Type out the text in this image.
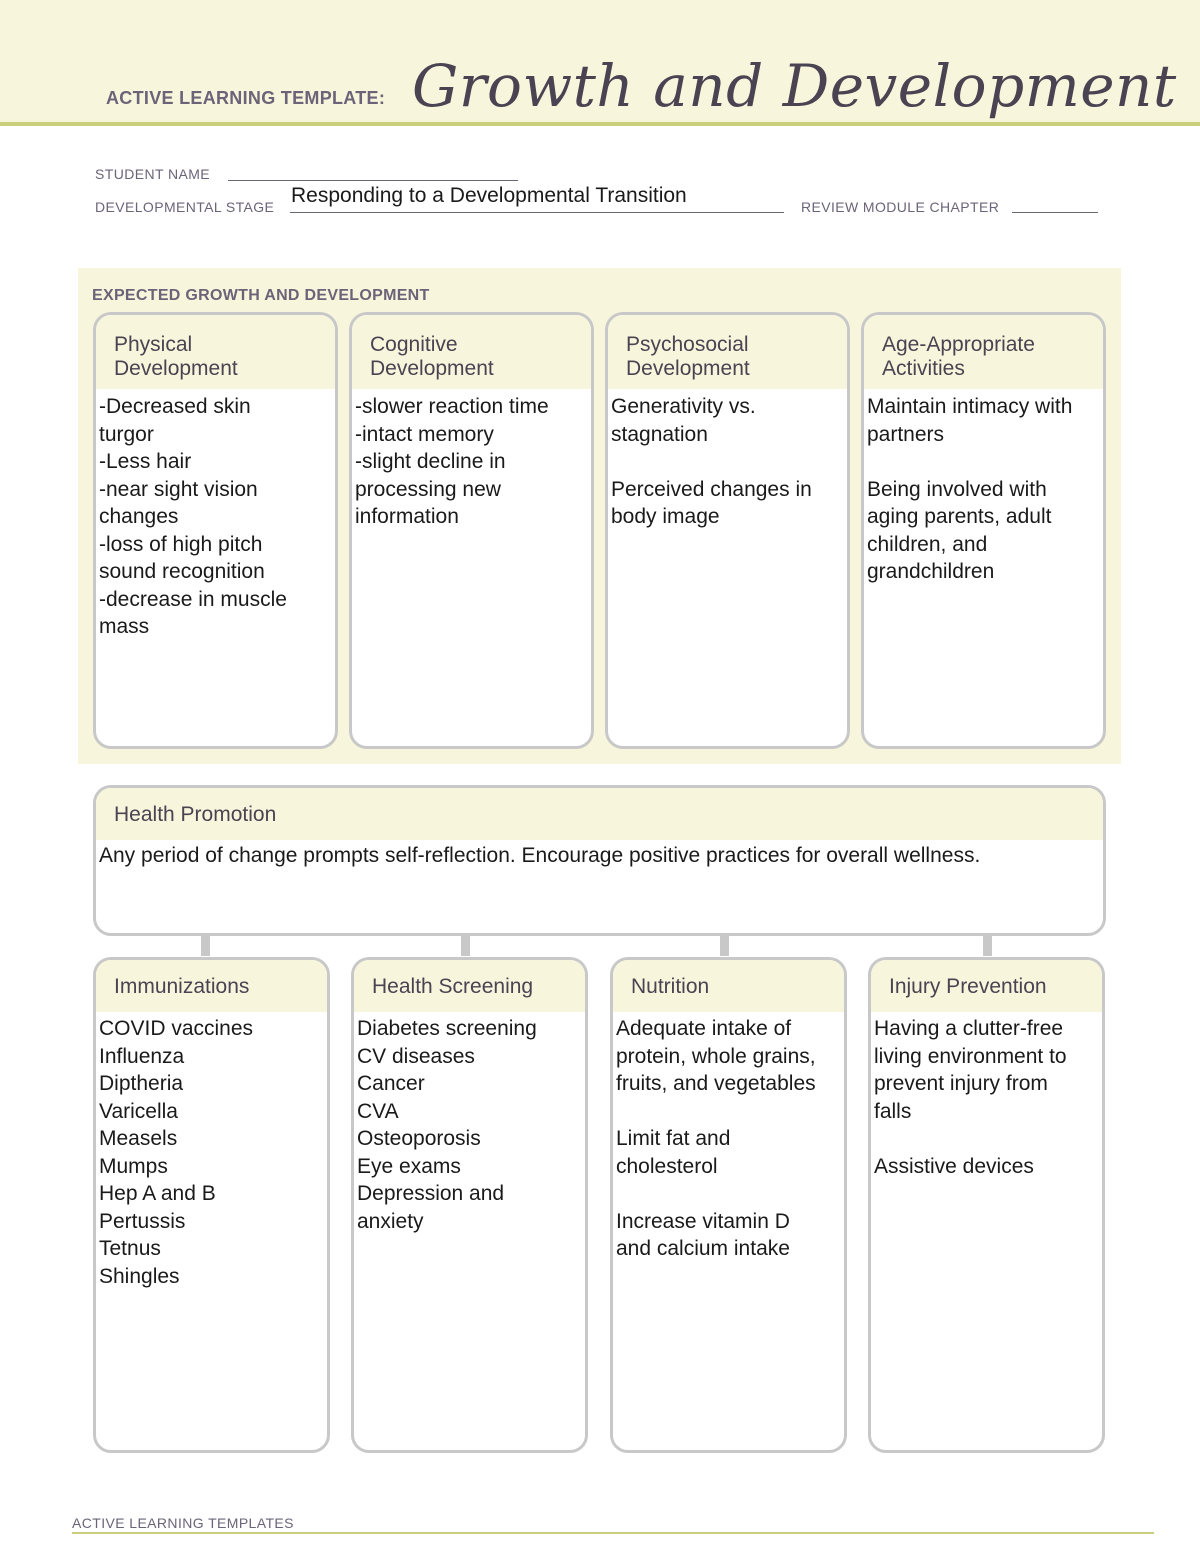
ACTIVE LEARNING TEMPLATE: Growth and Development
STUDENT NAME
DEVELOPMENTAL STAGE Responding to a Developmental Transition	REVIEW MODULE CHAPTER
EXPECTED GROWTH AND DEVELOPMENT
Physical
Development
-Decreased skin
turgor
-Less hair
-near sight vision
changes
-loss of high pitch
sound recognition
-decrease in muscle
mass
Cognitive
Development
-slower reaction time
-intact memory
-slight decline in
processing new
information
Psychosocial
Development
Generativity vs.
stagnation
Perceived changes in
body image
Age-Appropriate
Activities
Maintain intimacy with
partners
Being involved with
aging parents, adult
children, and
grandchildren
Health Promotion
Any period of change prompts self-reflection. Encourage positive practices for overall wellness.
Immunizations
COVID vaccines
Influenza
Diptheria
Varicella
Measels
Mumps
Hep A and B
Pertussis
Tetnus
Shingles
Health Screening
Diabetes screening
CV diseases
Cancer
CVA
Osteoporosis
Eye exams
Depression and
anxiety
Nutrition
Adequate intake of
protein, whole grains,
fruits, and vegetables
Limit fat and
cholesterol
Increase vitamin D
and calcium intake
Injury Prevention
Having a clutter-free
living environment to
prevent injury from
falls
Assistive devices
ACTIVE LEARNING TEMPLATES
